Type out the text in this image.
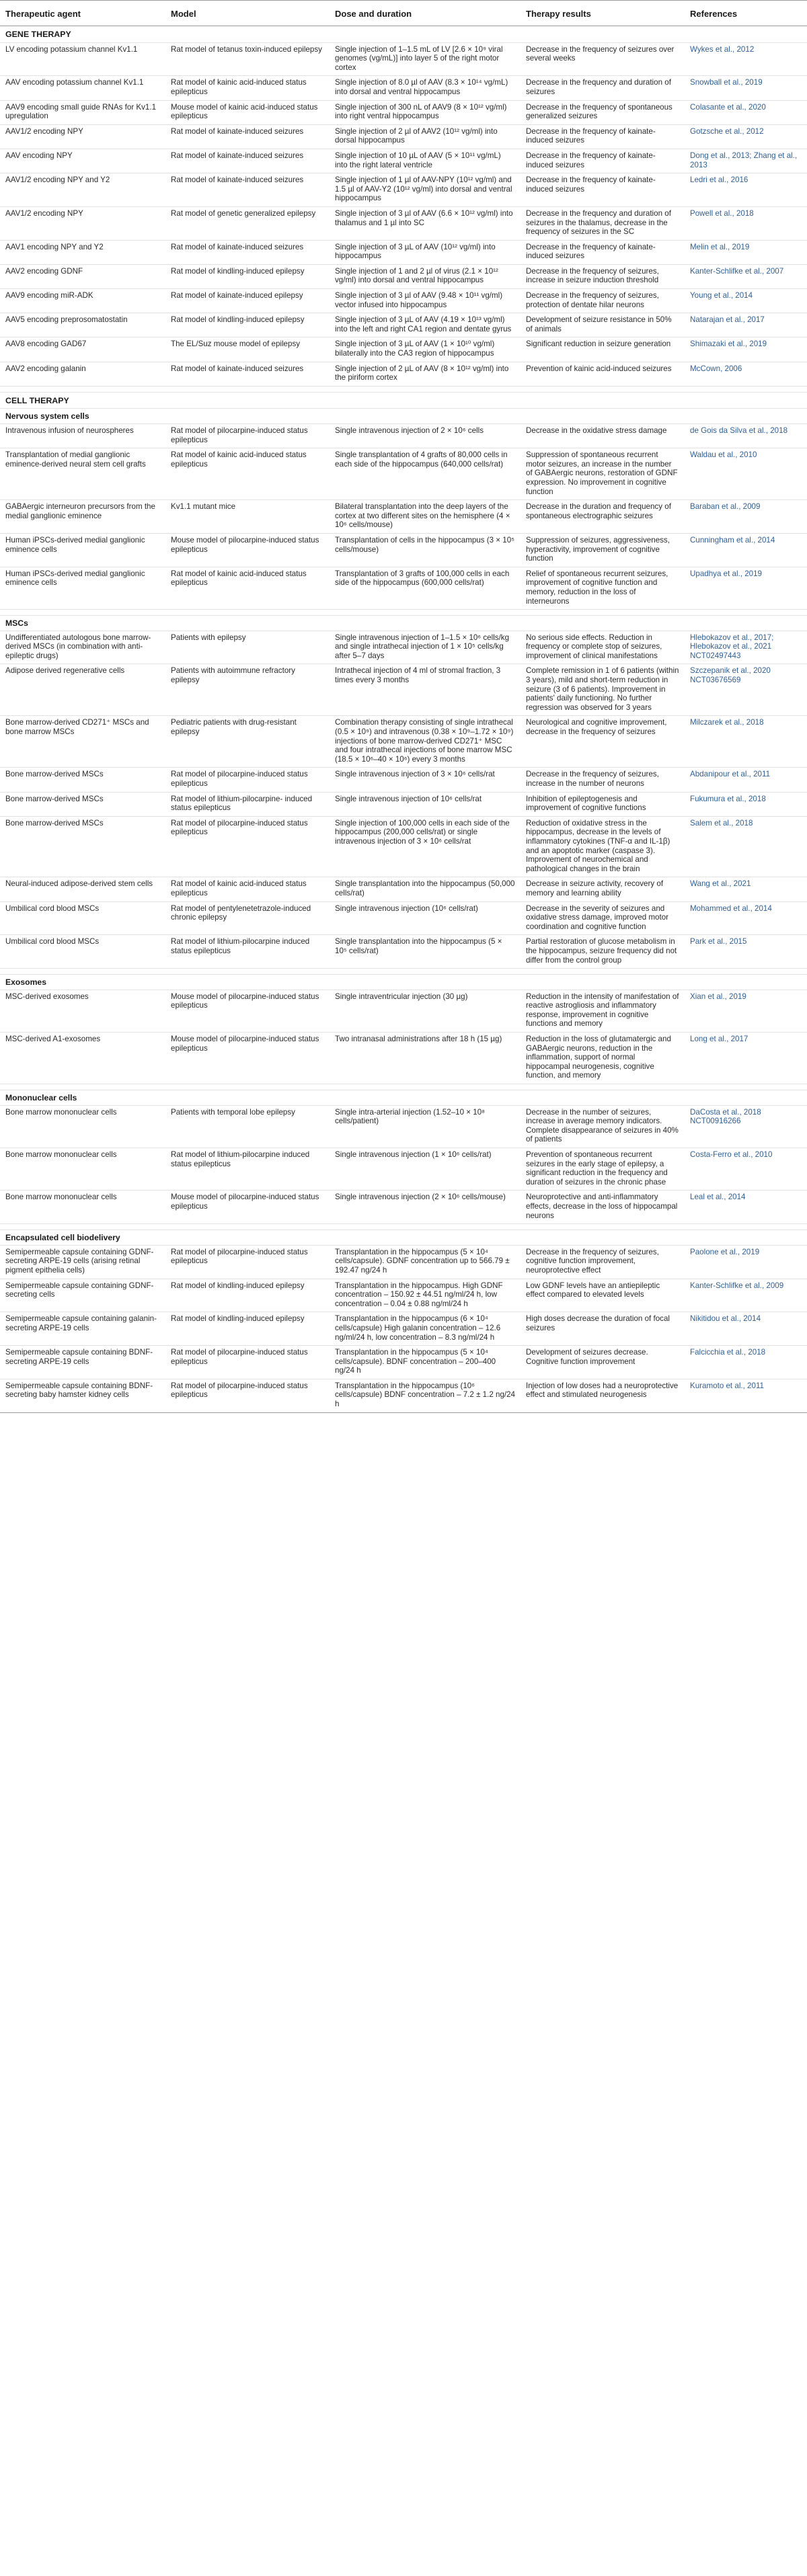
Therapeutic agent	Model	Dose and duration	Therapy results	References
GENE THERAPY				
LV encoding potassium channel Kv1.1	Rat model of tetanus toxin-induced epilepsy	Single injection of 1–1.5 mL of LV [2.6 × 10⁹ viral genomes (vg/mL)] into layer 5 of the right motor cortex	Decrease in the frequency of seizures over several weeks	Wykes et al., 2012
AAV encoding potassium channel Kv1.1	Rat model of kainic acid-induced status epilepticus	Single injection of 8.0 µl of AAV (8.3 × 10¹⁴ vg/mL) into dorsal and ventral hippocampus	Decrease in the frequency and duration of seizures	Snowball et al., 2019
AAV9 encoding small guide RNAs for Kv1.1 upregulation	Mouse model of kainic acid-induced status epilepticus	Single injection of 300 nL of AAV9 (8 × 10¹² vg/ml) into right ventral hippocampus	Decrease in the frequency of spontaneous generalized seizures	Colasante et al., 2020
AAV1/2 encoding NPY	Rat model of kainate-induced seizures	Single injection of 2 µl of AAV2 (10¹² vg/ml) into dorsal hippocampus	Decrease in the frequency of kainate-induced seizures	Gotzsche et al., 2012
AAV encoding NPY	Rat model of kainate-induced seizures	Single injection of 10 µL of AAV (5 × 10¹¹ vg/mL) into the right lateral ventricle	Decrease in the frequency of kainate-induced seizures	Dong et al., 2013; Zhang et al., 2013
AAV1/2 encoding NPY and Y2	Rat model of kainate-induced seizures	Single injection of 1 µl of AAV-NPY (10¹² vg/ml) and 1.5 µl of AAV-Y2 (10¹² vg/ml) into dorsal and ventral hippocampus	Decrease in the frequency of kainate-induced seizures	Ledri et al., 2016
AAV1/2 encoding NPY	Rat model of genetic generalized epilepsy	Single injection of 3 µl of AAV (6.6 × 10¹² vg/ml) into thalamus and 1 µl into SC	Decrease in the frequency and duration of seizures in the thalamus, decrease in the frequency of seizures in the SC	Powell et al., 2018
AAV1 encoding NPY and Y2	Rat model of kainate-induced seizures	Single injection of 3 µL of AAV (10¹² vg/ml) into hippocampus	Decrease in the frequency of kainate-induced seizures	Melin et al., 2019
AAV2 encoding GDNF	Rat model of kindling-induced epilepsy	Single injection of 1 and 2 µl of virus (2.1 × 10¹² vg/ml) into dorsal and ventral hippocampus	Decrease in the frequency of seizures, increase in seizure induction threshold	Kanter-Schlifke et al., 2007
AAV9 encoding miR-ADK	Rat model of kainate-induced epilepsy	Single injection of 3 µl of AAV (9.48 × 10¹¹ vg/ml) vector infused into hippocampus	Decrease in the frequency of seizures, protection of dentate hilar neurons	Young et al., 2014
AAV5 encoding preprosomatostatin	Rat model of kindling-induced epilepsy	Single injection of 3 µL of AAV (4.19 × 10¹³ vg/ml) into the left and right CA1 region and dentate gyrus	Development of seizure resistance in 50% of animals	Natarajan et al., 2017
AAV8 encoding GAD67	The EL/Suz mouse model of epilepsy	Single injection of 3 µL of AAV (1 × 10¹⁰ vg/ml) bilaterally into the CA3 region of hippocampus	Significant reduction in seizure generation	Shimazaki et al., 2019
AAV2 encoding galanin	Rat model of kainate-induced seizures	Single injection of 2 µL of AAV (8 × 10¹² vg/ml) into the piriform cortex	Prevention of kainic acid-induced seizures	McCown, 2006

CELL THERAPY				
Nervous system cells				
Intravenous infusion of neurospheres	Rat model of pilocarpine-induced status epilepticus	Single intravenous injection of 2 × 10⁶ cells	Decrease in the oxidative stress damage	de Gois da Silva et al., 2018
Transplantation of medial ganglionic eminence-derived neural stem cell grafts	Rat model of kainic acid-induced status epilepticus	Single transplantation of 4 grafts of 80,000 cells in each side of the hippocampus (640,000 cells/rat)	Suppression of spontaneous recurrent motor seizures, an increase in the number of GABAergic neurons, restoration of GDNF expression. No improvement in cognitive function	Waldau et al., 2010
GABAergic interneuron precursors from the medial ganglionic eminence	Kv1.1 mutant mice	Bilateral transplantation into the deep layers of the cortex at two different sites on the hemisphere (4 × 10⁶ cells/mouse)	Decrease in the duration and frequency of spontaneous electrographic seizures	Baraban et al., 2009
Human iPSCs-derived medial ganglionic eminence cells	Mouse model of pilocarpine-induced status epilepticus	Transplantation of cells in the hippocampus (3 × 10⁵ cells/mouse)	Suppression of seizures, aggressiveness, hyperactivity, improvement of cognitive function	Cunningham et al., 2014
Human iPSCs-derived medial ganglionic eminence cells	Rat model of kainic acid-induced status epilepticus	Transplantation of 3 grafts of 100,000 cells in each side of the hippocampus (600,000 cells/rat)	Relief of spontaneous recurrent seizures, improvement of cognitive function and memory, reduction in the loss of interneurons	Upadhya et al., 2019

MSCs				
Undifferentiated autologous bone marrow-derived MSCs (in combination with anti-epileptic drugs)	Patients with epilepsy	Single intravenous injection of 1–1.5 × 10⁶ cells/kg and single intrathecal injection of 1 × 10⁵ cells/kg after 5–7 days	No serious side effects. Reduction in frequency or complete stop of seizures, improvement of clinical manifestations	Hlebokazov et al., 2017; Hlebokazov et al., 2021 NCT02497443
Adipose derived regenerative cells	Patients with autoimmune refractory epilepsy	Intrathecal injection of 4 ml of stromal fraction, 3 times every 3 months	Complete remission in 1 of 6 patients (within 3 years), mild and short-term reduction in seizure (3 of 6 patients). Improvement in patients' daily functioning. No further regression was observed for 3 years	Szczepanik et al., 2020 NCT03676569
Bone marrow-derived CD271⁺ MSCs and bone marrow MSCs	Pediatric patients with drug-resistant epilepsy	Combination therapy consisting of single intrathecal (0.5 × 10⁹) and intravenous (0.38 × 10⁹–1.72 × 10⁹) injections of bone marrow-derived CD271⁺ MSC and four intrathecal injections of bone marrow MSC (18.5 × 10⁶–40 × 10⁶) every 3 months	Neurological and cognitive improvement, decrease in the frequency of seizures	Milczarek et al., 2018
Bone marrow-derived MSCs	Rat model of pilocarpine-induced status epilepticus	Single intravenous injection of 3 × 10⁶ cells/rat	Decrease in the frequency of seizures, increase in the number of neurons	Abdanipour et al., 2011
Bone marrow-derived MSCs	Rat model of lithium-pilocarpine- induced status epilepticus	Single intravenous injection of 10⁶ cells/rat	Inhibition of epileptogenesis and improvement of cognitive functions	Fukumura et al., 2018
Bone marrow-derived MSCs	Rat model of pilocarpine-induced status epilepticus	Single injection of 100,000 cells in each side of the hippocampus (200,000 cells/rat) or single intravenous injection of 3 × 10⁶ cells/rat	Reduction of oxidative stress in the hippocampus, decrease in the levels of inflammatory cytokines (TNF-α and IL-1β) and an apoptotic marker (caspase 3). Improvement of neurochemical and pathological changes in the brain	Salem et al., 2018
Neural-induced adipose-derived stem cells	Rat model of kainic acid-induced status epilepticus	Single transplantation into the hippocampus (50,000 cells/rat)	Decrease in seizure activity, recovery of memory and learning ability	Wang et al., 2021
Umbilical cord blood MSCs	Rat model of pentylenetetrazole-induced chronic epilepsy	Single intravenous injection (10⁶ cells/rat)	Decrease in the severity of seizures and oxidative stress damage, improved motor coordination and cognitive function	Mohammed et al., 2014
Umbilical cord blood MSCs	Rat model of lithium-pilocarpine induced status epilepticus	Single transplantation into the hippocampus (5 × 10⁵ cells/rat)	Partial restoration of glucose metabolism in the hippocampus, seizure frequency did not differ from the control group	Park et al., 2015

Exosomes				
MSC-derived exosomes	Mouse model of pilocarpine-induced status epilepticus	Single intraventricular injection (30 µg)	Reduction in the intensity of manifestation of reactive astrogliosis and inflammatory response, improvement in cognitive functions and memory	Xian et al., 2019
MSC-derived A1-exosomes	Mouse model of pilocarpine-induced status epilepticus	Two intranasal administrations after 18 h (15 µg)	Reduction in the loss of glutamatergic and GABAergic neurons, reduction in the inflammation, support of normal hippocampal neurogenesis, cognitive function, and memory	Long et al., 2017

Mononuclear cells				
Bone marrow mononuclear cells	Patients with temporal lobe epilepsy	Single intra-arterial injection (1.52–10 × 10⁸ cells/patient)	Decrease in the number of seizures, increase in average memory indicators. Complete disappearance of seizures in 40% of patients	DaCosta et al., 2018 NCT00916266
Bone marrow mononuclear cells	Rat model of lithium-pilocarpine induced status epilepticus	Single intravenous injection (1 × 10⁶ cells/rat)	Prevention of spontaneous recurrent seizures in the early stage of epilepsy, a significant reduction in the frequency and duration of seizures in the chronic phase	Costa-Ferro et al., 2010
Bone marrow mononuclear cells	Mouse model of pilocarpine-induced status epilepticus	Single intravenous injection (2 × 10⁶ cells/mouse)	Neuroprotective and anti-inflammatory effects, decrease in the loss of hippocampal neurons	Leal et al., 2014

Encapsulated cell biodelivery				
Semipermeable capsule containing GDNF-secreting ARPE-19 cells (arising retinal pigment epithelia cells)	Rat model of pilocarpine-induced status epilepticus	Transplantation in the hippocampus (5 × 10⁴ cells/capsule). GDNF concentration up to 566.79 ± 192.47 ng/24 h	Decrease in the frequency of seizures, cognitive function improvement, neuroprotective effect	Paolone et al., 2019
Semipermeable capsule containing GDNF-secreting cells	Rat model of kindling-induced epilepsy	Transplantation in the hippocampus. High GDNF concentration – 150.92 ± 44.51 ng/ml/24 h, low concentration – 0.04 ± 0.88 ng/ml/24 h	Low GDNF levels have an antiepileptic effect compared to elevated levels	Kanter-Schlifke et al., 2009
Semipermeable capsule containing galanin-secreting ARPE-19 cells	Rat model of kindling-induced epilepsy	Transplantation in the hippocampus (6 × 10⁴ cells/capsule) High galanin concentration – 12.6 ng/ml/24 h, low concentration – 8.3 ng/ml/24 h	High doses decrease the duration of focal seizures	Nikitidou et al., 2014
Semipermeable capsule containing BDNF-secreting ARPE-19 cells	Rat model of pilocarpine-induced status epilepticus	Transplantation in the hippocampus (5 × 10⁴ cells/capsule). BDNF concentration – 200–400 ng/24 h	Development of seizures decrease. Cognitive function improvement	Falcicchia et al., 2018
Semipermeable capsule containing BDNF-secreting baby hamster kidney cells	Rat model of pilocarpine-induced status epilepticus	Transplantation in the hippocampus (10⁶ cells/capsule) BDNF concentration – 7.2 ± 1.2 ng/24 h	Injection of low doses had a neuroprotective effect and stimulated neurogenesis	Kuramoto et al., 2011
